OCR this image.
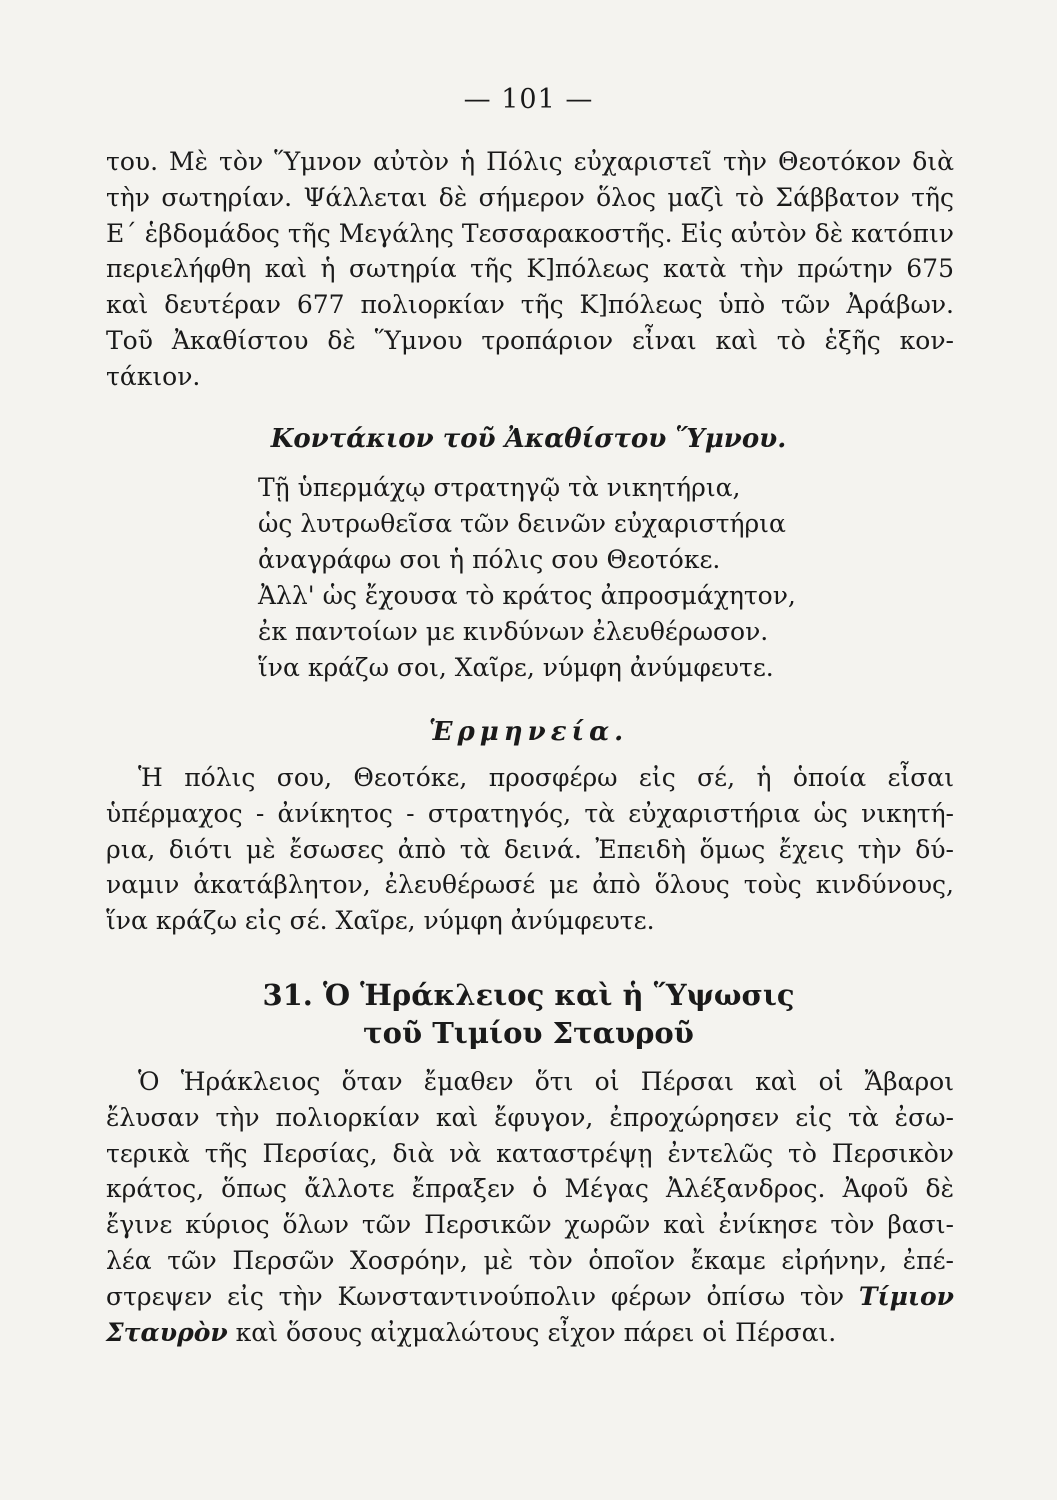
— 101 —
του. Μὲ τὸν Ὕμνον αὐτὸν ἡ Πόλις εὐχαριστεῖ τὴν Θεοτόκον διὰ
τὴν σωτηρίαν. Ψάλλεται δὲ σήμερον ὅλος μαζὶ τὸ Σάββατον τῆς
Ε΄ ἑβδομάδος τῆς Μεγάλης Τεσσαρακοστῆς. Εἰς αὐτὸν δὲ κατόπιν
περιελήφθη καὶ ἡ σωτηρία τῆς Κ]πόλεως κατὰ τὴν πρώτην 675
καὶ δευτέραν 677 πολιορκίαν τῆς Κ]πόλεως ὑπὸ τῶν Ἀράβων.
Τοῦ Ἀκαθίστου δὲ Ὕμνου τροπάριον εἶναι καὶ τὸ ἑξῆς κον-
τάκιον.
Κοντάκιον τοῦ Ἀκαθίστου Ὕμνου.
Τῇ ὑπερμάχῳ στρατηγῷ τὰ νικητήρια,
ὡς λυτρωθεῖσα τῶν δεινῶν εὐχαριστήρια
ἀναγράφω σοι ἡ πόλις σου Θεοτόκε.
Ἀλλ' ὡς ἔχουσα τὸ κράτος ἀπροσμάχητον,
ἐκ παντοίων με κινδύνων ἐλευθέρωσον.
ἵνα κράζω σοι, Χαῖρε, νύμφη ἀνύμφευτε.
Ἑρμηνεία.
Ἡ πόλις σου, Θεοτόκε, προσφέρω εἰς σέ, ἡ ὁποία εἶσαι
ὑπέρμαχος - ἀνίκητος - στρατηγός, τὰ εὐχαριστήρια ὡς νικητή-
ρια, διότι μὲ ἔσωσες ἀπὸ τὰ δεινά. Ἐπειδὴ ὅμως ἔχεις τὴν δύ-
ναμιν ἀκατάβλητον, ἐλευθέρωσέ με ἀπὸ ὅλους τοὺς κινδύνους,
ἵνα κράζω εἰς σέ. Χαῖρε, νύμφη ἀνύμφευτε.
31. Ὁ Ἡράκλειος καὶ ἡ Ὕψωσις
τοῦ Τιμίου Σταυροῦ
Ὁ Ἡράκλειος ὅταν ἔμαθεν ὅτι οἱ Πέρσαι καὶ οἱ Ἄβαροι
ἔλυσαν τὴν πολιορκίαν καὶ ἔφυγον, ἐπροχώρησεν εἰς τὰ ἐσω-
τερικὰ τῆς Περσίας, διὰ νὰ καταστρέψῃ ἐντελῶς τὸ Περσικὸν
κράτος, ὅπως ἄλλοτε ἔπραξεν ὁ Μέγας Ἀλέξανδρος. Ἀφοῦ δὲ
ἔγινε κύριος ὅλων τῶν Περσικῶν χωρῶν καὶ ἐνίκησε τὸν βασι-
λέα τῶν Περσῶν Χοσρόην, μὲ τὸν ὁποῖον ἔκαμε εἰρήνην, ἐπέ-
στρεψεν εἰς τὴν Κωνσταντινούπολιν φέρων ὀπίσω τὸν Τίμιον
Σταυρὸν καὶ ὅσους αἰχμαλώτους εἶχον πάρει οἱ Πέρσαι.
